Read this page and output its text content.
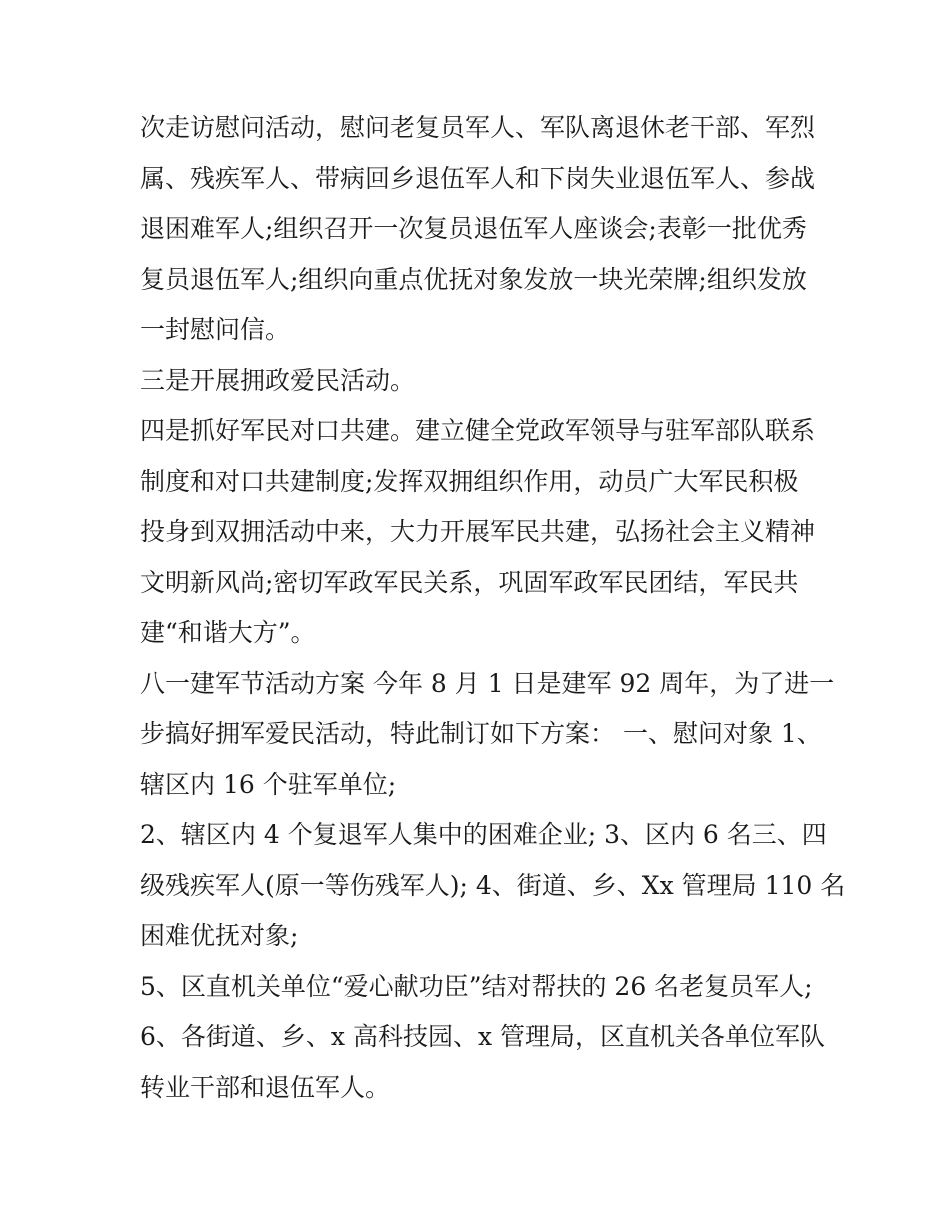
次走访慰问活动，慰问老复员军人、军队离退休老干部、军烈
属、残疾军人、带病回乡退伍军人和下岗失业退伍军人、参战
退困难军人;组织召开一次复员退伍军人座谈会;表彰一批优秀
复员退伍军人;组织向重点优抚对象发放一块光荣牌;组织发放
一封慰问信。
三是开展拥政爱民活动。
四是抓好军民对口共建。建立健全党政军领导与驻军部队联系
制度和对口共建制度;发挥双拥组织作用，动员广大军民积极
投身到双拥活动中来，大力开展军民共建，弘扬社会主义精神
文明新风尚;密切军政军民关系，巩固军政军民团结，军民共
建“和谐大方”。
八一建军节活动方案 今年 8 月 1 日是建军 92 周年，为了进一
步搞好拥军爱民活动，特此制订如下方案： 一、慰问对象 1、
辖区内 16 个驻军单位;
2、辖区内 4 个复退军人集中的困难企业; 3、区内 6 名三、四
级残疾军人(原一等伤残军人); 4、街道、乡、Xx 管理局 110 名
困难优抚对象;
5、区直机关单位“爱心献功臣”结对帮扶的 26 名老复员军人;
6、各街道、乡、x 高科技园、x 管理局，区直机关各单位军队
转业干部和退伍军人。
